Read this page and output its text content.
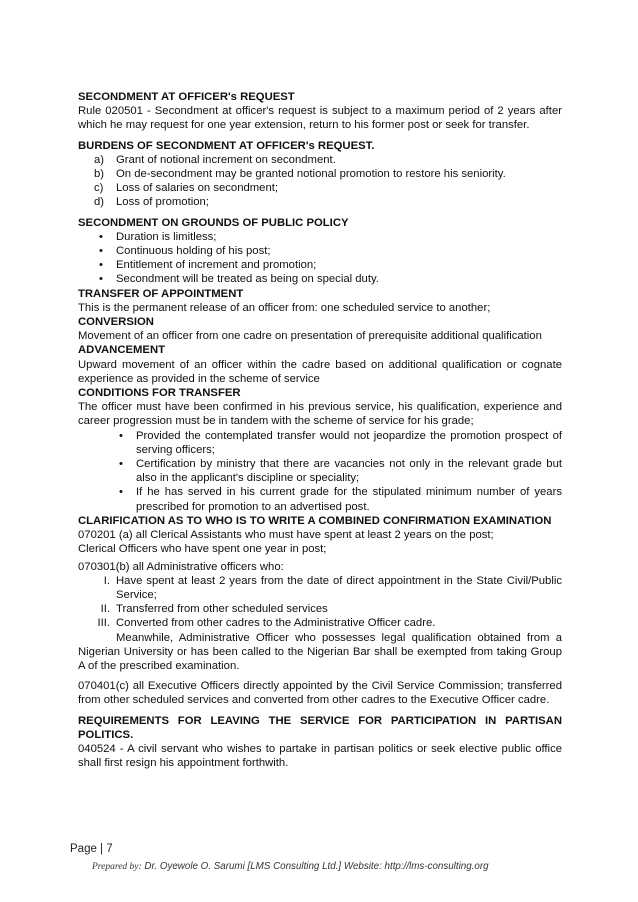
SECONDMENT AT OFFICER's REQUEST

Rule 020501 - Secondment at officer's request is subject to a maximum period of 2 years after which he may request for one year extension, return to his former post or seek for transfer.

BURDENS OF SECONDMENT AT OFFICER's REQUEST.

a) Grant of notional increment on secondment.
b) On de-secondment may be granted notional promotion to restore his seniority.
c) Loss of salaries on secondment;
d) Loss of promotion;

SECONDMENT ON GROUNDS OF PUBLIC POLICY

• Duration is limitless;
• Continuous holding of his post;
• Entitlement of increment and promotion;
• Secondment will be treated as being on special duty.

TRANSFER OF APPOINTMENT

This is the permanent release of an officer from: one scheduled service to another;

CONVERSION

Movement of an officer from one cadre on presentation of prerequisite additional qualification

ADVANCEMENT

Upward movement of an officer within the cadre based on additional qualification or cognate experience as provided in the scheme of service

CONDITIONS FOR TRANSFER

The officer must have been confirmed in his previous service, his qualification, experience and career progression must be in tandem with the scheme of service for his grade;

• Provided the contemplated transfer would not jeopardize the promotion prospect of serving officers;
• Certification by ministry that there are vacancies not only in the relevant grade but also in the applicant's discipline or speciality;
• If he has served in his current grade for the stipulated minimum number of years prescribed for promotion to an advertised post.

CLARIFICATION AS TO WHO IS TO WRITE A COMBINED CONFIRMATION EXAMINATION

070201 (a) all Clerical Assistants who must have spent at least 2 years on the post;

Clerical Officers who have spent one year in post;

070301(b) all Administrative officers who:

I. Have spent at least 2 years from the date of direct appointment in the State Civil/Public Service;
II. Transferred from other scheduled services
III. Converted from other cadres to the Administrative Officer cadre.

Meanwhile, Administrative Officer who possesses legal qualification obtained from a Nigerian University or has been called to the Nigerian Bar shall be exempted from taking Group A of the prescribed examination.

070401(c) all Executive Officers directly appointed by the Civil Service Commission; transferred from other scheduled services and converted from other cadres to the Executive Officer cadre.

REQUIREMENTS FOR LEAVING THE SERVICE FOR PARTICIPATION IN PARTISAN POLITICS.

040524 - A civil servant who wishes to partake in partisan politics or seek elective public office shall first resign his appointment forthwith.

Page | 7
Prepared by: Dr. Oyewole O. Sarumi [LMS Consulting Ltd.] Website: http://lms-consulting.org
